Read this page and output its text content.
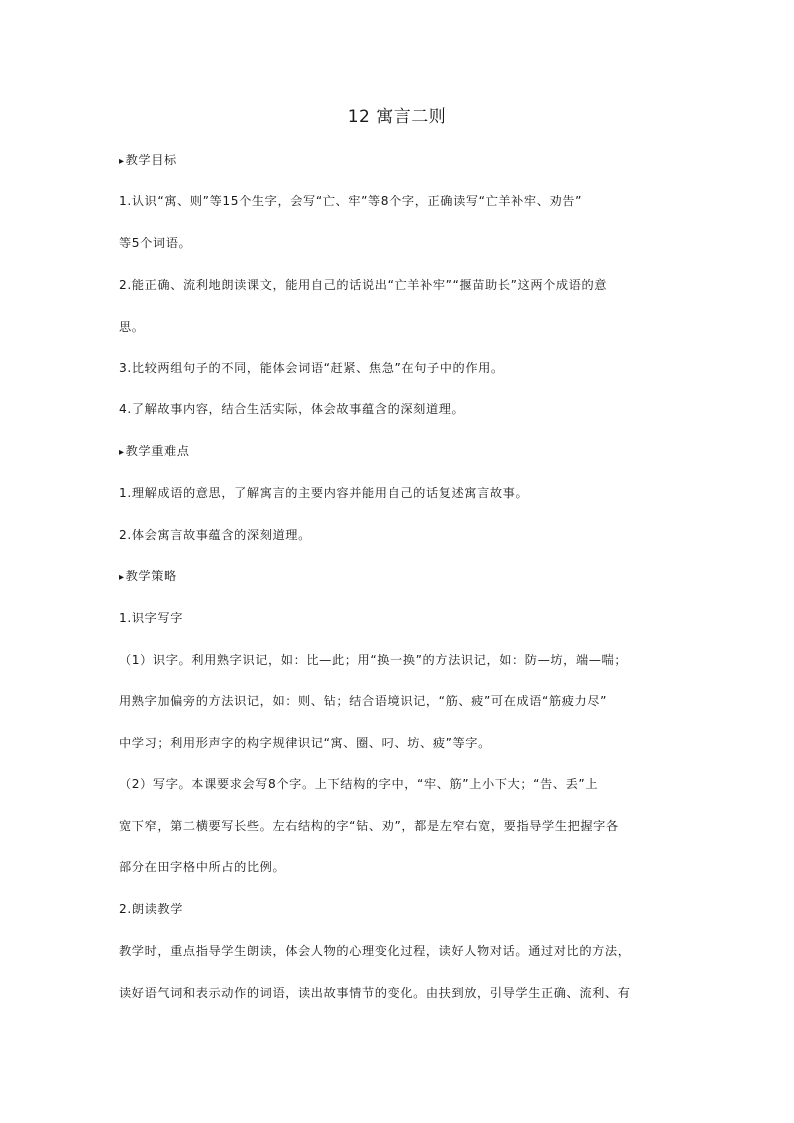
12 寓言二则
▸ 教学目标
1.认识“寓、则”等15个生字，会写“亡、牢”等8个字，正确读写“亡羊补牢、劝告”
等5个词语。
2.能正确、流利地朗读课文，能用自己的话说出“亡羊补牢”“揠苗助长”这两个成语的意
思。
3.比较两组句子的不同，能体会词语“赶紧、焦急”在句子中的作用。
4.了解故事内容，结合生活实际，体会故事蕴含的深刻道理。
▸ 教学重难点
1.理解成语的意思，了解寓言的主要内容并能用自己的话复述寓言故事。
2.体会寓言故事蕴含的深刻道理。
▸ 教学策略
1.识字写字
（1）识字。利用熟字识记，如：比—此；用“换一换”的方法识记，如：防—坊，端—喘；
用熟字加偏旁的方法识记，如：则、钻；结合语境识记，“筋、疲”可在成语“筋疲力尽”
中学习；利用形声字的构字规律识记“寓、圈、叼、坊、疲”等字。
（2）写字。本课要求会写8个字。上下结构的字中，“牢、筋”上小下大；“告、丢”上
宽下窄，第二横要写长些。左右结构的字“钻、劝”，都是左窄右宽，要指导学生把握字各
部分在田字格中所占的比例。
2.朗读教学
教学时，重点指导学生朗读，体会人物的心理变化过程，读好人物对话。通过对比的方法，
读好语气词和表示动作的词语，读出故事情节的变化。由扶到放，引导学生正确、流利、有
